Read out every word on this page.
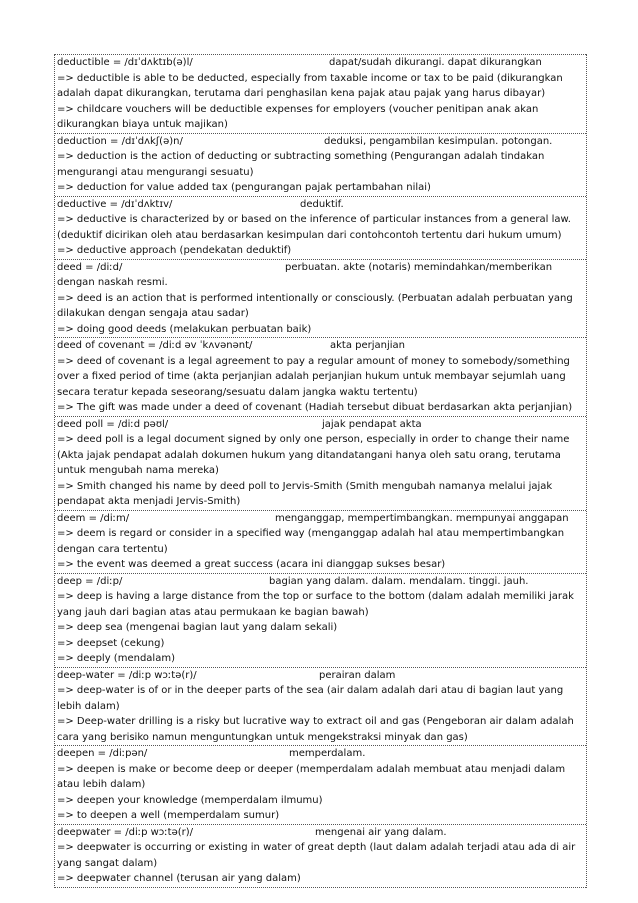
deductible = /dɪˈdʌktɪb(ə)l/	dapat/sudah dikurangi. dapat dikurangkan
=> deductible is able to be deducted, especially from taxable income or tax to be paid (dikurangkan adalah dapat dikurangkan, terutama dari penghasilan kena pajak atau pajak yang harus dibayar)
=> childcare vouchers will be deductible expenses for employers (voucher penitipan anak akan dikurangkan biaya untuk majikan)
deduction = /dɪˈdʌkʃ(ə)n/	deduksi, pengambilan kesimpulan. potongan.
=> deduction is the action of deducting or subtracting something (Pengurangan adalah tindakan mengurangi atau mengurangi sesuatu)
=> deduction for value added tax (pengurangan pajak pertambahan nilai)
deductive = /dɪˈdʌktɪv/	deduktif.
=> deductive is characterized by or based on the inference of particular instances from a general law. (deduktif dicirikan oleh atau berdasarkan kesimpulan dari contohcontoh tertentu dari hukum umum)
=> deductive approach (pendekatan deduktif)
deed = /diːd/	perbuatan. akte (notaris) memindahkan/memberikan dengan naskah resmi.
=> deed is an action that is performed intentionally or consciously. (Perbuatan adalah perbuatan yang dilakukan dengan sengaja atau sadar)
=> doing good deeds (melakukan perbuatan baik)
deed of covenant = /diːd əv ˈkʌvənənt/	akta perjanjian
=> deed of covenant is a legal agreement to pay a regular amount of money to somebody/something over a fixed period of time (akta perjanjian adalah perjanjian hukum untuk membayar sejumlah uang secara teratur kepada seseorang/sesuatu dalam jangka waktu tertentu)
=> The gift was made under a deed of covenant (Hadiah tersebut dibuat berdasarkan akta perjanjian)
deed poll = /diːd pəʊl/	jajak pendapat akta
=> deed poll is a legal document signed by only one person, especially in order to change their name (Akta jajak pendapat adalah dokumen hukum yang ditandatangani hanya oleh satu orang, terutama untuk mengubah nama mereka)
=> Smith changed his name by deed poll to Jervis-Smith (Smith mengubah namanya melalui jajak pendapat akta menjadi Jervis-Smith)
deem = /diːm/	menganggap, mempertimbangkan. mempunyai anggapan
=> deem is regard or consider in a specified way (menganggap adalah hal atau mempertimbangkan dengan cara tertentu)
=> the event was deemed a great success (acara ini dianggap sukses besar)
deep = /diːp/	bagian yang dalam. dalam. mendalam. tinggi. jauh.
=> deep is having a large distance from the top or surface to the bottom (dalam adalah memiliki jarak yang jauh dari bagian atas atau permukaan ke bagian bawah)
=> deep sea (mengenai bagian laut yang dalam sekali)
=> deepset (cekung)
=> deeply (mendalam)
deep-water = /diːp wɔːtə(r)/	perairan dalam
=> deep-water is of or in the deeper parts of the sea (air dalam adalah dari atau di bagian laut yang lebih dalam)
=> Deep-water drilling is a risky but lucrative way to extract oil and gas (Pengeboran air dalam adalah cara yang berisiko namun menguntungkan untuk mengekstraksi minyak dan gas)
deepen = /diːpən/	memperdalam.
=> deepen is make or become deep or deeper (memperdalam adalah membuat atau menjadi dalam atau lebih dalam)
=> deepen your knowledge (memperdalam ilmumu)
=> to deepen a well (memperdalam sumur)
deepwater = /diːp wɔːtə(r)/	mengenai air yang dalam.
=> deepwater is occurring or existing in water of great depth (laut dalam adalah terjadi atau ada di air yang sangat dalam)
=> deepwater channel (terusan air yang dalam)
